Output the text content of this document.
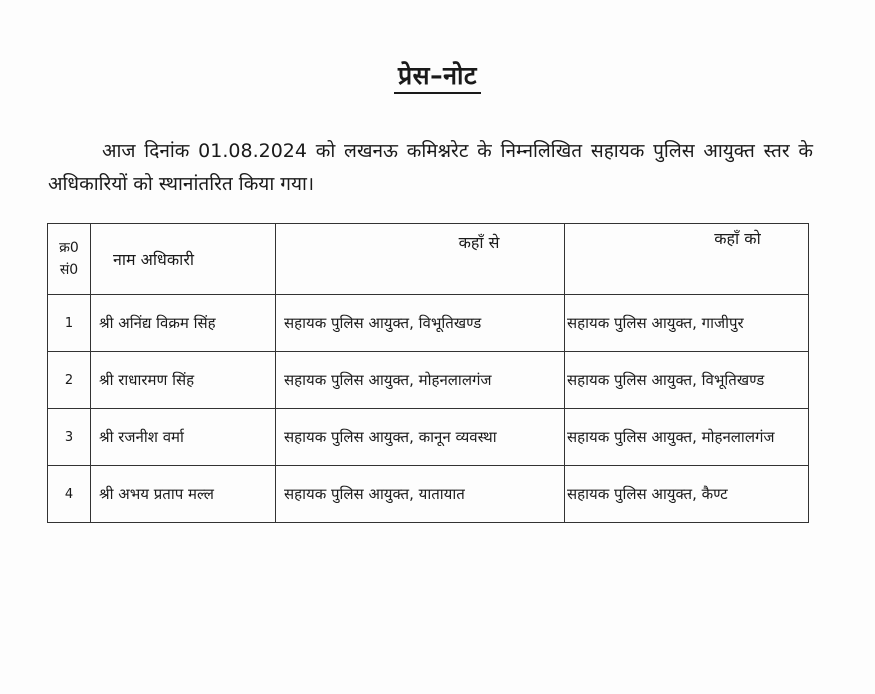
प्रेस–नोट
आज दिनांक 01.08.2024 को लखनऊ कमिश्नरेट के निम्नलिखित सहायक पुलिस आयुक्त स्तर के अधिकारियों को स्थानांतरित किया गया।
क्र0
सं0	नाम अधिकारी	कहाँ से	कहाँ को

1	श्री अनिंद्य विक्रम सिंह	सहायक पुलिस आयुक्त, विभूतिखण्ड	सहायक पुलिस आयुक्त, गाजीपुर
2	श्री राधारमण सिंह	सहायक पुलिस आयुक्त, मोहनलालगंज	सहायक पुलिस आयुक्त, विभूतिखण्ड
3	श्री रजनीश वर्मा	सहायक पुलिस आयुक्त, कानून व्यवस्था	सहायक पुलिस आयुक्त, मोहनलालगंज
4	श्री अभय प्रताप मल्ल	सहायक पुलिस आयुक्त, यातायात	सहायक पुलिस आयुक्त, कैण्ट
